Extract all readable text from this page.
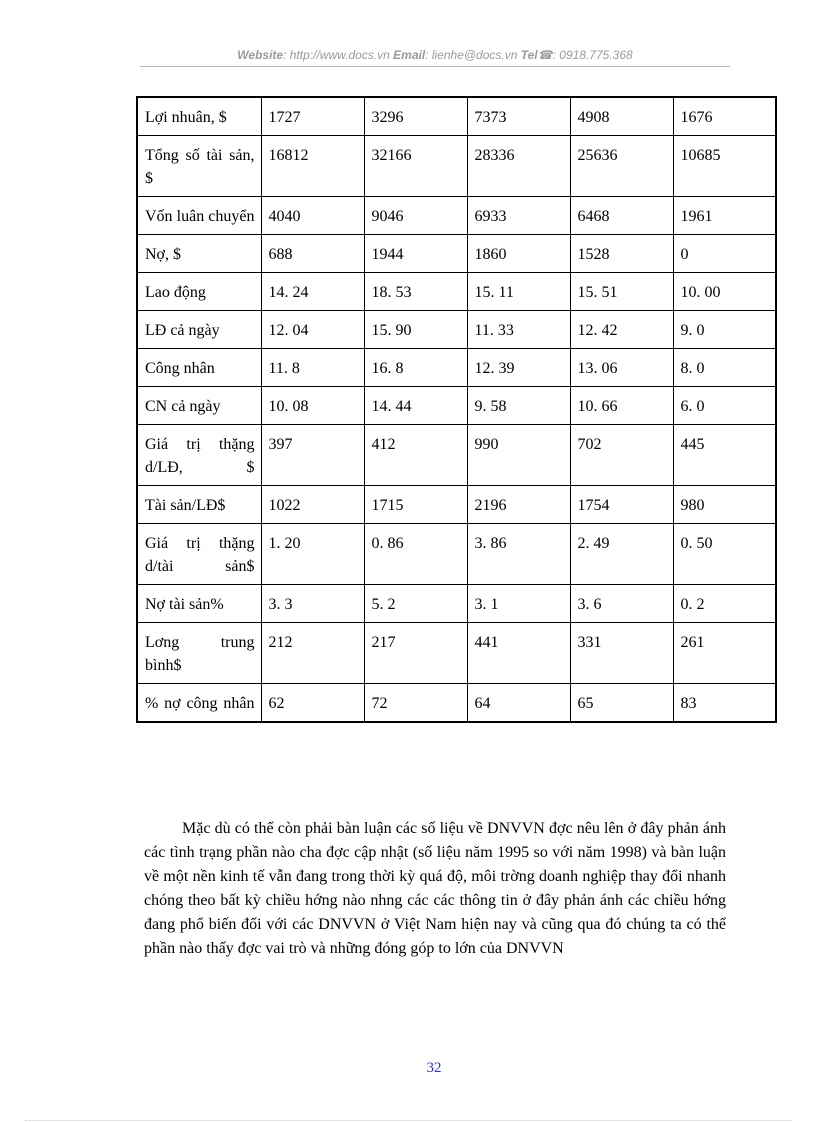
Website: http://www.docs.vn Email: lienhe@docs.vn Tel☎: 0918.775.368
Lợi nhuân, $	1727	3296	7373	4908	1676
Tổng số tài sản, $	16812	32166	28336	25636	10685
Vốn luân chuyển	4040	9046	6933	6468	1961
Nợ, $	688	1944	1860	1528	0
Lao động	14. 24	18. 53	15. 11	15. 51	10. 00
LĐ cả ngày	12. 04	15. 90	11. 33	12. 42	9. 0
Công nhân	11. 8	16. 8	12. 39	13. 06	8. 0
CN cả ngày	10. 08	14. 44	9. 58	10. 66	6. 0
Giá trị thặng d/LĐ, $	397	412	990	702	445
Tài sản/LĐ$	1022	1715	2196	1754	980
Giá trị thặng d/tài sản$	1. 20	0. 86	3. 86	2. 49	0. 50
Nợ tài sản%	3. 3	5. 2	3. 1	3. 6	0. 2
Lơng trung bình$	212	217	441	331	261
% nợ công nhân	62	72	64	65	83

Mặc dù có thể còn phải bàn luận các số liệu về DNVVN đợc nêu lên ở đây phản ánh các tình trạng phần nào cha đợc cập nhật (số liệu năm 1995 so với năm 1998) và bàn luận về một nền kinh tế vẫn đang trong thời kỳ quá độ, môi trờng doanh nghiệp thay đổi nhanh chóng theo bất kỳ chiều hớng nào nhng các các thông tin ở đây phản ánh các chiều hớng đang phổ biến đối với các DNVVN ở Việt Nam hiện nay và cũng qua đó chúng ta có thể phần nào thấy đợc vai trò và những đóng góp to lớn của DNVVN

32
